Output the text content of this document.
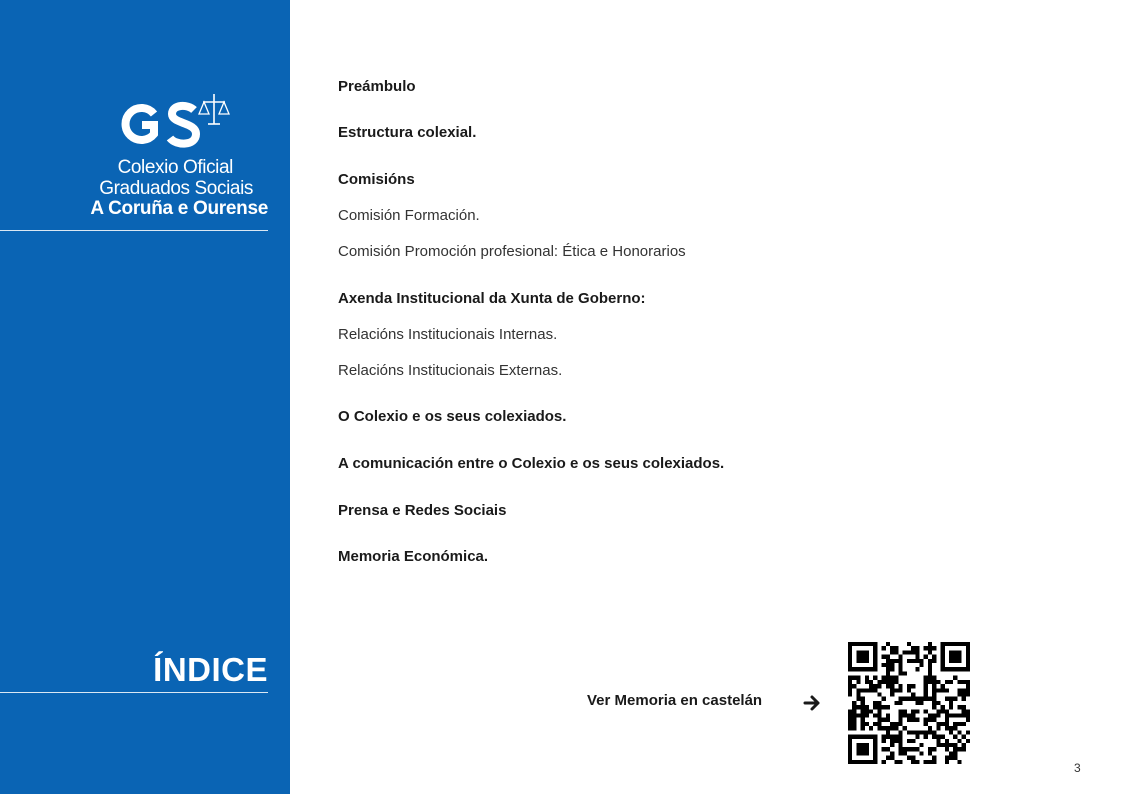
Colexio Oficial
Graduados Sociais
A Coruña e Ourense
ÍNDICE
Preámbulo
Estructura colexial.
Comisións
Comisión Formación.
Comisión Promoción profesional: Ética e Honorarios
Axenda Institucional da Xunta de Goberno:
Relacións Institucionais Internas.
Relacións Institucionais Externas.
O Colexio e os seus colexiados.
A comunicación entre o Colexio e os seus colexiados.
Prensa e Redes Sociais
Memoria Económica.
Ver Memoria en castelán
3
